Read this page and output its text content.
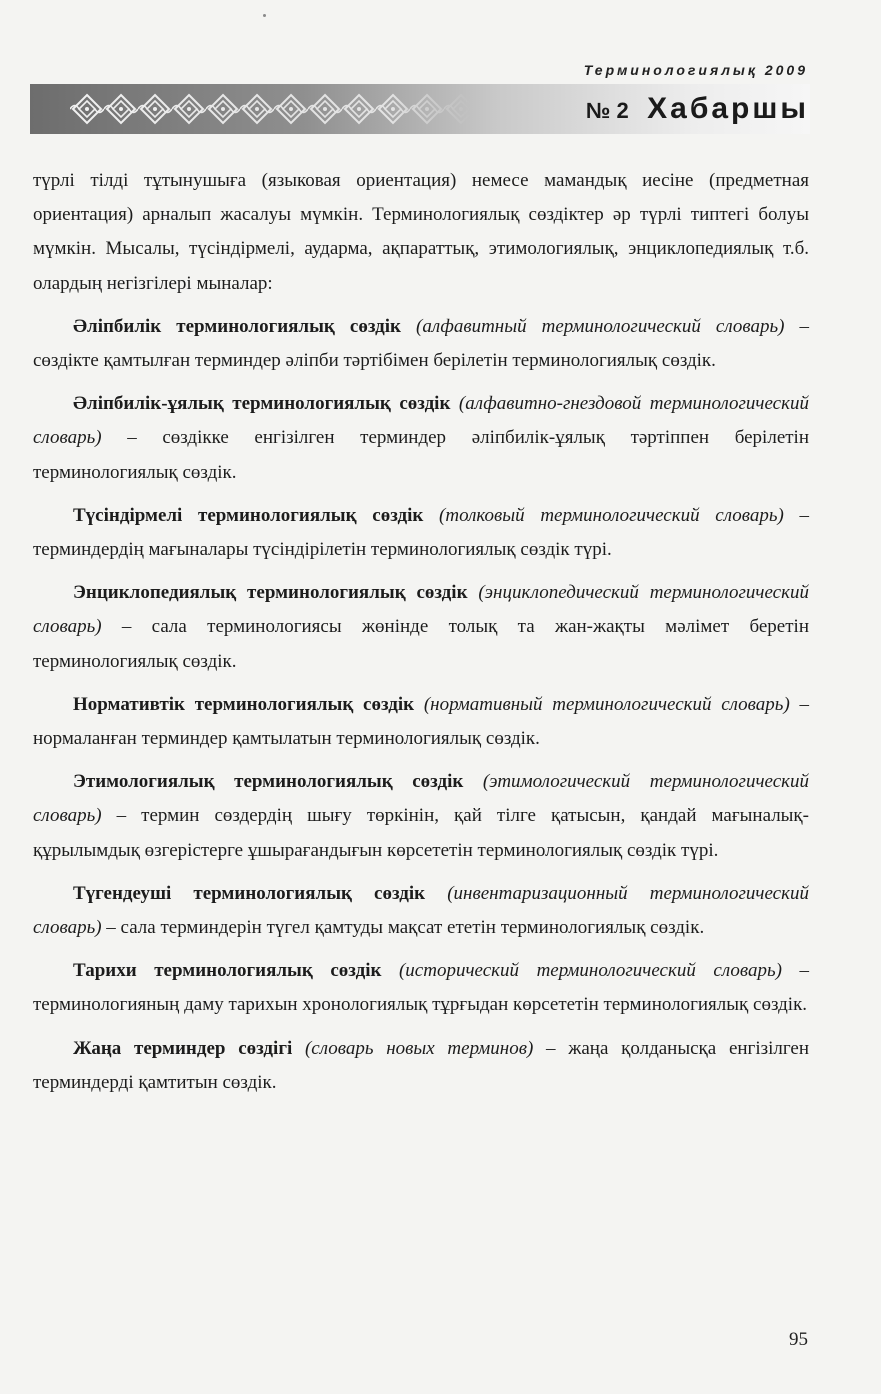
Терминологиялық 2009
№ 2 Хабаршы

түрлі тілді тұтынушыға (языковая ориентация) немесе мамандық иесіне (предметная ориентация) арналып жасалуы мүмкін. Терминологиялық сөздіктер әр түрлі типтегі болуы мүмкін. Мысалы, түсіндірмелі, аударма, ақпараттық, этимологиялық, энциклопедиялық т.б. олардың негізгілері мыналар:

Әліпбилік терминологиялық сөздік (алфавитный терминологический словарь) – сөздікте қамтылған терминдер әліпби тәртібімен берілетін терминологиялық сөздік.

Әліпбилік-ұялық терминологиялық сөздік (алфавитно-гнездовой терминологический словарь) – сөздікке енгізілген терминдер әліпбилік-ұялық тәртіппен берілетін терминологиялық сөздік.

Түсіндірмелі терминологиялық сөздік (толковый терминологический словарь) – терминдердің мағыналары түсіндірілетін терминологиялық сөздік түрі.

Энциклопедиялық терминологиялық сөздік (энциклопедический терминологический словарь) – сала терминологиясы жөнінде толық та жан-жақты мәлімет беретін терминологиялық сөздік.

Нормативтік терминологиялық сөздік (нормативный терминологический словарь) – нормаланған терминдер қамтылатын терминологиялық сөздік.

Этимологиялық терминологиялық сөздік (этимологический терминологический словарь) – термин сөздердің шығу төркінін, қай тілге қатысын, қандай мағыналық-құрылымдық өзгерістерге ұшырағандығын көрсететін терминологиялық сөздік түрі.

Түгендеуші терминологиялық сөздік (инвентаризационный терминологический словарь) – сала терминдерін түгел қамтуды мақсат ететін терминологиялық сөздік.

Тарихи терминологиялық сөздік (исторический терминологический словарь) – терминологияның даму тарихын хронологиялық тұрғыдан көрсететін терминологиялық сөздік.

Жаңа терминдер сөздігі (словарь новых терминов) – жаңа қолданысқа енгізілген терминдерді қамтитын сөздік.

95
